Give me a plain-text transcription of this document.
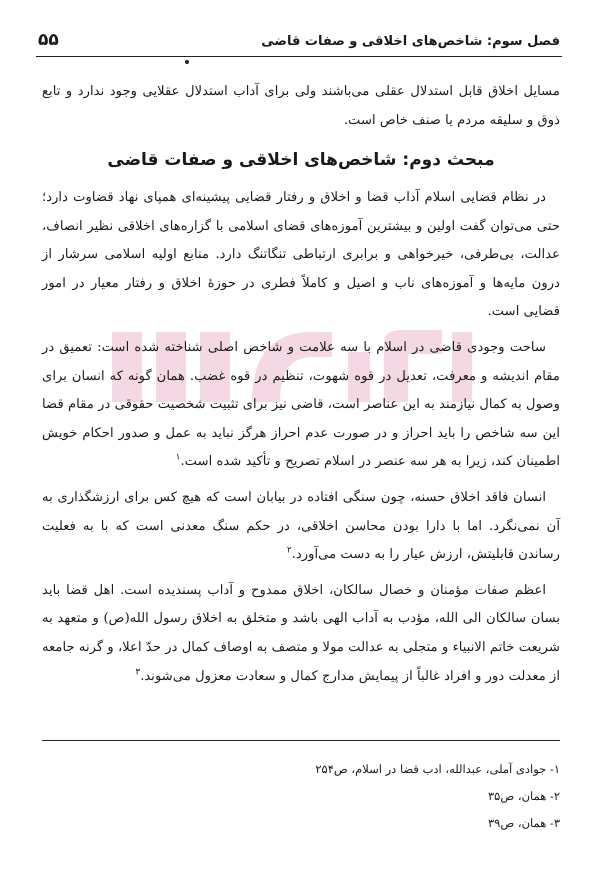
فصل سوم: شاخص‌های اخلاقی و صفات قاضی
۵۵
مسایل اخلاق قابل استدلال عقلی می‌باشند ولی برای آداب استدلال عقلایی وجود ندارد و تابع ذوق و سلیقه مردم یا صنف خاص است.
مبحث دوم: شاخص‌های اخلاقی و صفات قاضی

در نظام قضایی اسلام آداب قضا و اخلاق و رفتار قضایی پیشینه‌ای همپای نهاد قضاوت دارد؛ حتی می‌توان گفت اولین و بیشترین آموزه‌های قضای اسلامی با گزاره‌های اخلاقی نظیر انصاف، عدالت، بی‌طرفی، خیرخواهی و برابری ارتباطی تنگاتنگ دارد. منابع اولیه اسلامی سرشار از درون مایه‌ها و آموزه‌های ناب و اصیل و کاملاً فطری در حوزهٔ اخلاق و رفتار معیار در امور قضایی است.

ساحت وجودی قاضی در اسلام با سه علامت و شاخص اصلی شناخته شده است: تعمیق در مقام اندیشه و معرفت، تعدیل در قوه شهوت، تنظیم در قوه غضب. همان گونه که انسان برای وصول به کمال نیازمند به این عناصر است، قاضی نیز برای تثبیت شخصیت حقوقی در مقام قضا این سه شاخص را باید احراز و در صورت عدم احراز هرگز نباید به عمل و صدور احکام خویش اطمینان کند، زیرا به هر سه عنصر در اسلام تصریح و تأکید شده است.$^۱$

انسان فاقد اخلاق حسنه، چون سنگی افتاده در بیابان است که هیچ کس برای ارزشگذاری به آن نمی‌نگرد. اما با دارا بودن محاسن اخلاقی، در حکم سنگ معدنی است که با به فعلیت رساندن قابلیتش، ارزش عیار را به دست می‌آورد.$^۲$

اعظم صفات مؤمنان و خصال سالکان، اخلاق ممدوح و آداب پسندیده است. اهل قضا باید بسان سالکان الی الله، مؤدب به آداب الهی باشد و متخلق به اخلاق رسول الله(ص) و متعهد به شریعت خاتم الانبیاء و متجلی به عدالت مولا و متصف به اوصاف کمال در حدّ اعلا، و گرنه جامعه از معدلت دور و افراد غالباً از پیمایش مدارج کمال و سعادت معزول می‌شوند.$^۳$

۱- جوادی آملی، عبدالله، ادب قضا در اسلام، ص۲۵۴

۲- همان، ص۳۵

۳- همان، ص۳۹
